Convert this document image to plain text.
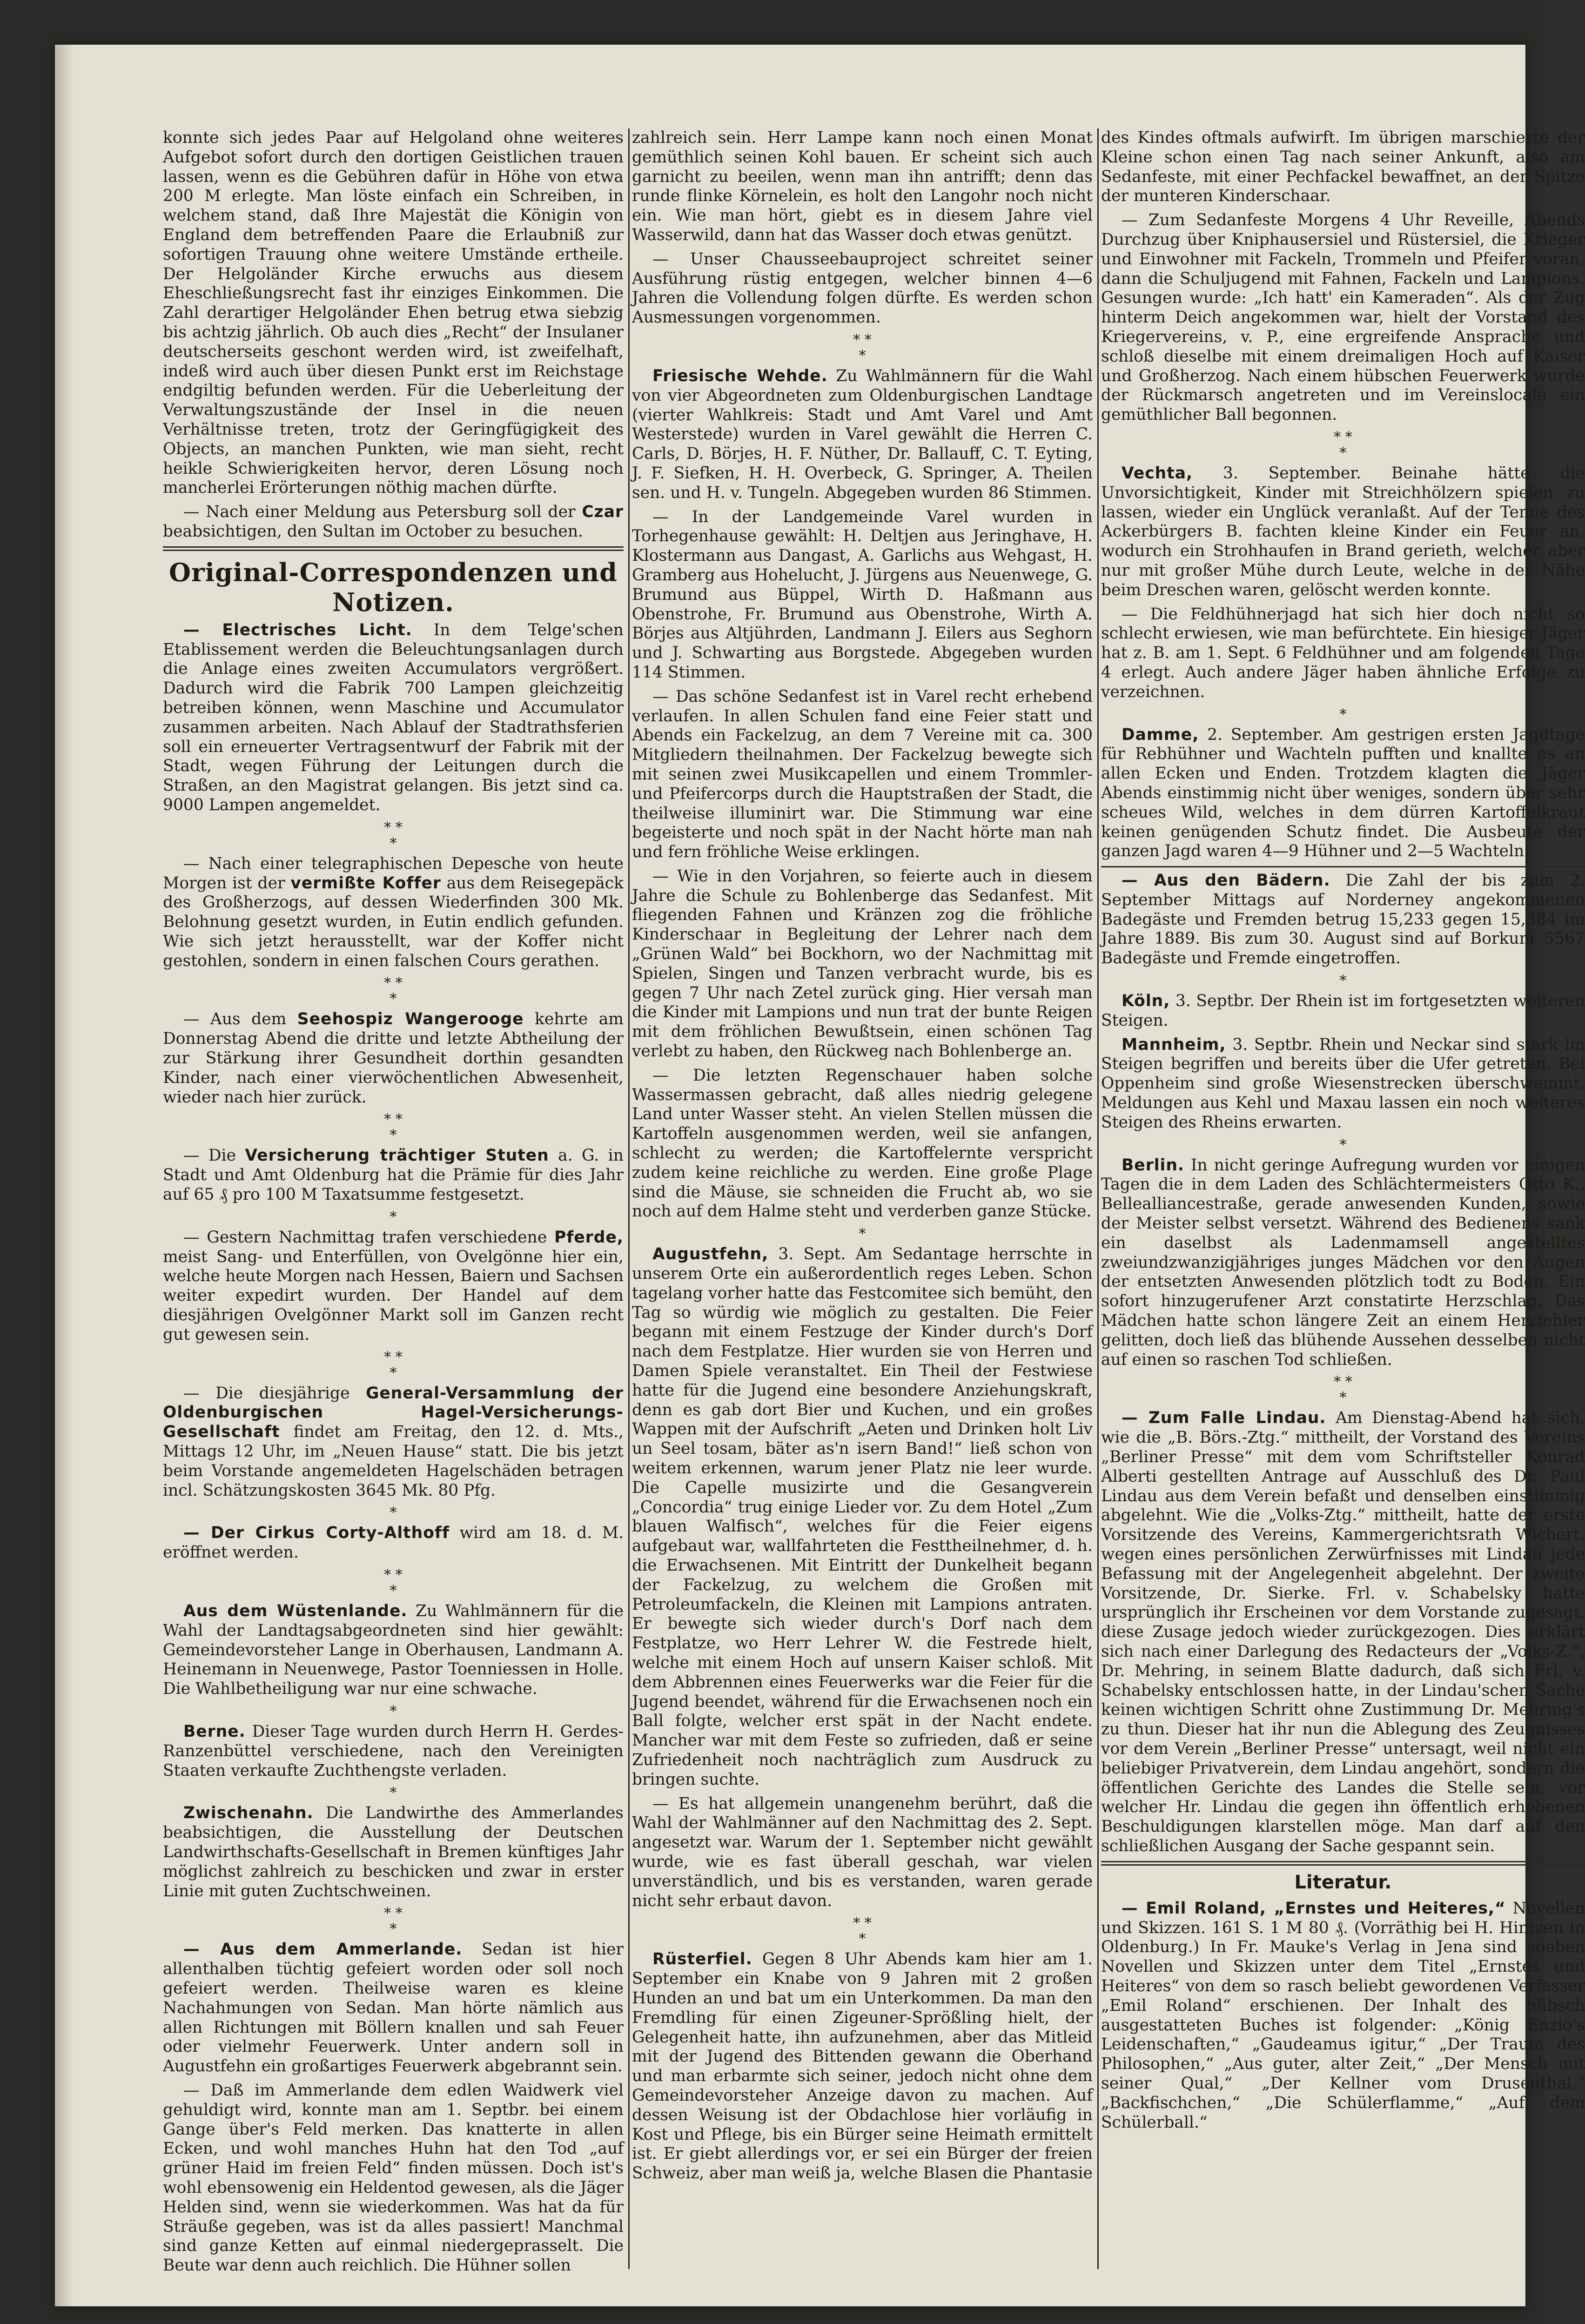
konnte sich jedes Paar auf Helgoland ohne weiteres Aufgebot sofort durch den dortigen Geistlichen trauen lassen, wenn es die Gebühren dafür in Höhe von etwa 200 M erlegte. Man löste einfach ein Schreiben, in welchem stand, daß Ihre Majestät die Königin von England dem betreffenden Paare die Erlaubniß zur sofortigen Trauung ohne weitere Umstände ertheile. Der Helgoländer Kirche erwuchs aus diesem Eheschließungsrecht fast ihr einziges Einkommen. Die Zahl derartiger Helgoländer Ehen betrug etwa siebzig bis achtzig jährlich. Ob auch dies „Recht“ der Insulaner deutscherseits geschont werden wird, ist zweifelhaft, indeß wird auch über diesen Punkt erst im Reichstage endgiltig befunden werden. Für die Ueberleitung der Verwaltungszustände der Insel in die neuen Verhältnisse treten, trotz der Geringfügigkeit des Objects, an manchen Punkten, wie man sieht, recht heikle Schwierigkeiten hervor, deren Lösung noch mancherlei Erörterungen nöthig machen dürfte.

— Nach einer Meldung aus Petersburg soll der Czar beabsichtigen, den Sultan im October zu besuchen.

Original-Correspondenzen und Notizen.

— Electrisches Licht. In dem Telge'schen Etablissement werden die Beleuchtungsanlagen durch die Anlage eines zweiten Accumulators vergrößert. Dadurch wird die Fabrik 700 Lampen gleichzeitig betreiben können, wenn Maschine und Accumulator zusammen arbeiten. Nach Ablauf der Stadtrathsferien soll ein erneuerter Vertragsentwurf der Fabrik mit der Stadt, wegen Führung der Leitungen durch die Straßen, an den Magistrat gelangen. Bis jetzt sind ca. 9000 Lampen angemeldet.

* *
*

— Nach einer telegraphischen Depesche von heute Morgen ist der vermißte Koffer aus dem Reisegepäck des Großherzogs, auf dessen Wiederfinden 300 Mk. Belohnung gesetzt wurden, in Eutin endlich gefunden. Wie sich jetzt herausstellt, war der Koffer nicht gestohlen, sondern in einen falschen Cours gerathen.

* *
*

— Aus dem Seehospiz Wangerooge kehrte am Donnerstag Abend die dritte und letzte Abtheilung der zur Stärkung ihrer Gesundheit dorthin gesandten Kinder, nach einer vierwöchentlichen Abwesenheit, wieder nach hier zurück.

* *
*

— Die Versicherung trächtiger Stuten a. G. in Stadt und Amt Oldenburg hat die Prämie für dies Jahr auf 65 ₰ pro 100 M Taxatsumme festgesetzt.

*

— Gestern Nachmittag trafen verschiedene Pferde, meist Sang- und Enterfüllen, von Ovelgönne hier ein, welche heute Morgen nach Hessen, Baiern und Sachsen weiter expedirt wurden. Der Handel auf dem diesjährigen Ovelgönner Markt soll im Ganzen recht gut gewesen sein.

* *
*

— Die diesjährige General-Versammlung der Oldenburgischen Hagel-Versicherungs-Gesellschaft findet am Freitag, den 12. d. Mts., Mittags 12 Uhr, im „Neuen Hause“ statt. Die bis jetzt beim Vorstande angemeldeten Hagelschäden betragen incl. Schätzungskosten 3645 Mk. 80 Pfg.

*

— Der Cirkus Corty-Althoff wird am 18. d. M. eröffnet werden.

* *
*

Aus dem Wüstenlande. Zu Wahlmännern für die Wahl der Landtagsabgeordneten sind hier gewählt: Gemeindevorsteher Lange in Oberhausen, Landmann A. Heinemann in Neuenwege, Pastor Toenniessen in Holle. Die Wahlbetheiligung war nur eine schwache.

*

Berne. Dieser Tage wurden durch Herrn H. Gerdes-Ranzenbüttel verschiedene, nach den Vereinigten Staaten verkaufte Zuchthengste verladen.

*

Zwischenahn. Die Landwirthe des Ammerlandes beabsichtigen, die Ausstellung der Deutschen Landwirthschafts-Gesellschaft in Bremen künftiges Jahr möglichst zahlreich zu beschicken und zwar in erster Linie mit guten Zuchtschweinen.

* *
*

— Aus dem Ammerlande. Sedan ist hier allenthalben tüchtig gefeiert worden oder soll noch gefeiert werden. Theilweise waren es kleine Nachahmungen von Sedan. Man hörte nämlich aus allen Richtungen mit Böllern knallen und sah Feuer oder vielmehr Feuerwerk. Unter andern soll in Augustfehn ein großartiges Feuerwerk abgebrannt sein.

— Daß im Ammerlande dem edlen Waidwerk viel gehuldigt wird, konnte man am 1. Septbr. bei einem Gange über's Feld merken. Das knatterte in allen Ecken, und wohl manches Huhn hat den Tod „auf grüner Haid im freien Feld“ finden müssen. Doch ist's wohl ebensowenig ein Heldentod gewesen, als die Jäger Helden sind, wenn sie wiederkommen. Was hat da für Sträuße gegeben, was ist da alles passiert! Manchmal sind ganze Ketten auf einmal niedergeprasselt. Die Beute war denn auch reichlich. Die Hühner sollen

zahlreich sein. Herr Lampe kann noch einen Monat gemüthlich seinen Kohl bauen. Er scheint sich auch garnicht zu beeilen, wenn man ihn antrifft; denn das runde flinke Körnelein, es holt den Langohr noch nicht ein. Wie man hört, giebt es in diesem Jahre viel Wasserwild, dann hat das Wasser doch etwas genützt.

— Unser Chausseebauproject schreitet seiner Ausführung rüstig entgegen, welcher binnen 4—6 Jahren die Vollendung folgen dürfte. Es werden schon Ausmessungen vorgenommen.

* *
*

Friesische Wehde. Zu Wahlmännern für die Wahl von vier Abgeordneten zum Oldenburgischen Landtage (vierter Wahlkreis: Stadt und Amt Varel und Amt Westerstede) wurden in Varel gewählt die Herren C. Carls, D. Börjes, H. F. Nüther, Dr. Ballauff, C. T. Eyting, J. F. Siefken, H. H. Overbeck, G. Springer, A. Theilen sen. und H. v. Tungeln. Abgegeben wurden 86 Stimmen.

— In der Landgemeinde Varel wurden in Torhegenhause gewählt: H. Deltjen aus Jeringhave, H. Klostermann aus Dangast, A. Garlichs aus Wehgast, H. Gramberg aus Hohelucht, J. Jürgens aus Neuenwege, G. Brumund aus Büppel, Wirth D. Haßmann aus Obenstrohe, Fr. Brumund aus Obenstrohe, Wirth A. Börjes aus Altjührden, Landmann J. Eilers aus Seghorn und J. Schwarting aus Borgstede. Abgegeben wurden 114 Stimmen.

— Das schöne Sedanfest ist in Varel recht erhebend verlaufen. In allen Schulen fand eine Feier statt und Abends ein Fackelzug, an dem 7 Vereine mit ca. 300 Mitgliedern theilnahmen. Der Fackelzug bewegte sich mit seinen zwei Musikcapellen und einem Trommler- und Pfeifercorps durch die Hauptstraßen der Stadt, die theilweise illuminirt war. Die Stimmung war eine begeisterte und noch spät in der Nacht hörte man nah und fern fröhliche Weise erklingen.

— Wie in den Vorjahren, so feierte auch in diesem Jahre die Schule zu Bohlenberge das Sedanfest. Mit fliegenden Fahnen und Kränzen zog die fröhliche Kinderschaar in Begleitung der Lehrer nach dem „Grünen Wald“ bei Bockhorn, wo der Nachmittag mit Spielen, Singen und Tanzen verbracht wurde, bis es gegen 7 Uhr nach Zetel zurück ging. Hier versah man die Kinder mit Lampions und nun trat der bunte Reigen mit dem fröhlichen Bewußtsein, einen schönen Tag verlebt zu haben, den Rückweg nach Bohlenberge an.

— Die letzten Regenschauer haben solche Wassermassen gebracht, daß alles niedrig gelegene Land unter Wasser steht. An vielen Stellen müssen die Kartoffeln ausgenommen werden, weil sie anfangen, schlecht zu werden; die Kartoffelernte verspricht zudem keine reichliche zu werden. Eine große Plage sind die Mäuse, sie schneiden die Frucht ab, wo sie noch auf dem Halme steht und verderben ganze Stücke.

*

Augustfehn, 3. Sept. Am Sedantage herrschte in unserem Orte ein außerordentlich reges Leben. Schon tagelang vorher hatte das Festcomitee sich bemüht, den Tag so würdig wie möglich zu gestalten. Die Feier begann mit einem Festzuge der Kinder durch's Dorf nach dem Festplatze. Hier wurden sie von Herren und Damen Spiele veranstaltet. Ein Theil der Festwiese hatte für die Jugend eine besondere Anziehungskraft, denn es gab dort Bier und Kuchen, und ein großes Wappen mit der Aufschrift „Aeten und Drinken holt Liv un Seel tosam, bäter as'n isern Band!“ ließ schon von weitem erkennen, warum jener Platz nie leer wurde. Die Capelle musizirte und die Gesangverein „Concordia“ trug einige Lieder vor. Zu dem Hotel „Zum blauen Walfisch“, welches für die Feier eigens aufgebaut war, wallfahrteten die Festtheilnehmer, d. h. die Erwachsenen. Mit Eintritt der Dunkelheit begann der Fackelzug, zu welchem die Großen mit Petroleumfackeln, die Kleinen mit Lampions antraten. Er bewegte sich wieder durch's Dorf nach dem Festplatze, wo Herr Lehrer W. die Festrede hielt, welche mit einem Hoch auf unsern Kaiser schloß. Mit dem Abbrennen eines Feuerwerks war die Feier für die Jugend beendet, während für die Erwachsenen noch ein Ball folgte, welcher erst spät in der Nacht endete. Mancher war mit dem Feste so zufrieden, daß er seine Zufriedenheit noch nachträglich zum Ausdruck zu bringen suchte.

— Es hat allgemein unangenehm berührt, daß die Wahl der Wahlmänner auf den Nachmittag des 2. Sept. angesetzt war. Warum der 1. September nicht gewählt wurde, wie es fast überall geschah, war vielen unverständlich, und bis es verstanden, waren gerade nicht sehr erbaut davon.

* *
*

Rüsterfiel. Gegen 8 Uhr Abends kam hier am 1. September ein Knabe von 9 Jahren mit 2 großen Hunden an und bat um ein Unterkommen. Da man den Fremdling für einen Zigeuner-Sprößling hielt, der Gelegenheit hatte, ihn aufzunehmen, aber das Mitleid mit der Jugend des Bittenden gewann die Oberhand und man erbarmte sich seiner, jedoch nicht ohne dem Gemeindevorsteher Anzeige davon zu machen. Auf dessen Weisung ist der Obdachlose hier vorläufig in Kost und Pflege, bis ein Bürger seine Heimath ermittelt ist. Er giebt allerdings vor, er sei ein Bürger der freien Schweiz, aber man weiß ja, welche Blasen die Phantasie

des Kindes oftmals aufwirft. Im übrigen marschierte der Kleine schon einen Tag nach seiner Ankunft, also am Sedanfeste, mit einer Pechfackel bewaffnet, an der Spitze der munteren Kinderschaar.

— Zum Sedanfeste Morgens 4 Uhr Reveille, Abends Durchzug über Kniphausersiel und Rüstersiel, die Krieger und Einwohner mit Fackeln, Trommeln und Pfeifer voran, dann die Schuljugend mit Fahnen, Fackeln und Lampions. Gesungen wurde: „Ich hatt' ein Kameraden“. Als der Zug hinterm Deich angekommen war, hielt der Vorstand des Kriegervereins, v. P., eine ergreifende Ansprache und schloß dieselbe mit einem dreimaligen Hoch auf Kaiser und Großherzog. Nach einem hübschen Feuerwerk wurde der Rückmarsch angetreten und im Vereinslocale ein gemüthlicher Ball begonnen.

* *
*

Vechta, 3. September. Beinahe hätte die Unvorsichtigkeit, Kinder mit Streichhölzern spielen zu lassen, wieder ein Unglück veranlaßt. Auf der Tenne des Ackerbürgers B. fachten kleine Kinder ein Feuer an, wodurch ein Strohhaufen in Brand gerieth, welcher aber nur mit großer Mühe durch Leute, welche in der Nähe beim Dreschen waren, gelöscht werden konnte.

— Die Feldhühnerjagd hat sich hier doch nicht so schlecht erwiesen, wie man befürchtete. Ein hiesiger Jäger hat z. B. am 1. Sept. 6 Feldhühner und am folgenden Tage 4 erlegt. Auch andere Jäger haben ähnliche Erfolge zu verzeichnen.

*

Damme, 2. September. Am gestrigen ersten Jagdtage für Rebhühner und Wachteln pufften und knallte es an allen Ecken und Enden. Trotzdem klagten die Jäger Abends einstimmig nicht über weniges, sondern über sehr scheues Wild, welches in dem dürren Kartoffelkraut keinen genügenden Schutz findet. Die Ausbeute der ganzen Jagd waren 4—9 Hühner und 2—5 Wachteln.

— Aus den Bädern. Die Zahl der bis zum 2. September Mittags auf Norderney angekommenen Badegäste und Fremden betrug 15,233 gegen 15,384 im Jahre 1889. Bis zum 30. August sind auf Borkum 5567 Badegäste und Fremde eingetroffen.

*

Köln, 3. Septbr. Der Rhein ist im fortgesetzten weiteren Steigen.

Mannheim, 3. Septbr. Rhein und Neckar sind stark im Steigen begriffen und bereits über die Ufer getreten. Bei Oppenheim sind große Wiesenstrecken überschwemmt. Meldungen aus Kehl und Maxau lassen ein noch weiteres Steigen des Rheins erwarten.

*

Berlin. In nicht geringe Aufregung wurden vor einigen Tagen die in dem Laden des Schlächtermeisters Otto K., Bellealliancestraße, gerade anwesenden Kunden, sowie der Meister selbst versetzt. Während des Bedienens sank ein daselbst als Ladenmamsell angestelltes zweiundzwanzigjähriges junges Mädchen vor den Augen der entsetzten Anwesenden plötzlich todt zu Boden. Ein sofort hinzugerufener Arzt constatirte Herzschlag. Das Mädchen hatte schon längere Zeit an einem Herzfehler gelitten, doch ließ das blühende Aussehen desselben nicht auf einen so raschen Tod schließen.

* *
*

— Zum Falle Lindau. Am Dienstag-Abend hat sich, wie die „B. Börs.-Ztg.“ mittheilt, der Vorstand des Vereins „Berliner Presse“ mit dem vom Schriftsteller Konrad Alberti gestellten Antrage auf Ausschluß des Dr. Paul Lindau aus dem Verein befaßt und denselben einstimmig abgelehnt. Wie die „Volks-Ztg.“ mittheilt, hatte der erste Vorsitzende des Vereins, Kammergerichtsrath Wichert, wegen eines persönlichen Zerwürfnisses mit Lindau jede Befassung mit der Angelegenheit abgelehnt. Der zweite Vorsitzende, Dr. Sierke. Frl. v. Schabelsky hatte ursprünglich ihr Erscheinen vor dem Vorstande zugesagt, diese Zusage jedoch wieder zurückgezogen. Dies erklärt sich nach einer Darlegung des Redacteurs der „Volks-Z.“, Dr. Mehring, in seinem Blatte dadurch, daß sich Frl. v. Schabelsky entschlossen hatte, in der Lindau'schen Sache keinen wichtigen Schritt ohne Zustimmung Dr. Mehring's zu thun. Dieser hat ihr nun die Ablegung des Zeugnisses vor dem Verein „Berliner Presse“ untersagt, weil nicht ein beliebiger Privatverein, dem Lindau angehört, sondern die öffentlichen Gerichte des Landes die Stelle sein, vor welcher Hr. Lindau die gegen ihn öffentlich erhobenen Beschuldigungen klarstellen möge. Man darf auf den schließlichen Ausgang der Sache gespannt sein.

Literatur.

— Emil Roland, „Ernstes und Heiteres,“ Novellen und Skizzen. 161 S. 1 M 80 ₰. (Vorräthig bei H. Hintzen in Oldenburg.) In Fr. Mauke's Verlag in Jena sind soeben Novellen und Skizzen unter dem Titel „Ernstes und Heiteres“ von dem so rasch beliebt gewordenen Verfasser „Emil Roland“ erschienen. Der Inhalt des hübsch ausgestatteten Buches ist folgender: „König Enzio's Leidenschaften,“ „Gaudeamus igitur,“ „Der Traum des Philosophen,“ „Aus guter, alter Zeit,“ „Der Mensch mit seiner Qual,“ „Der Kellner vom Drusenthal,“ „Backfischchen,“ „Die Schülerflamme,“ „Auf dem Schülerball.“
